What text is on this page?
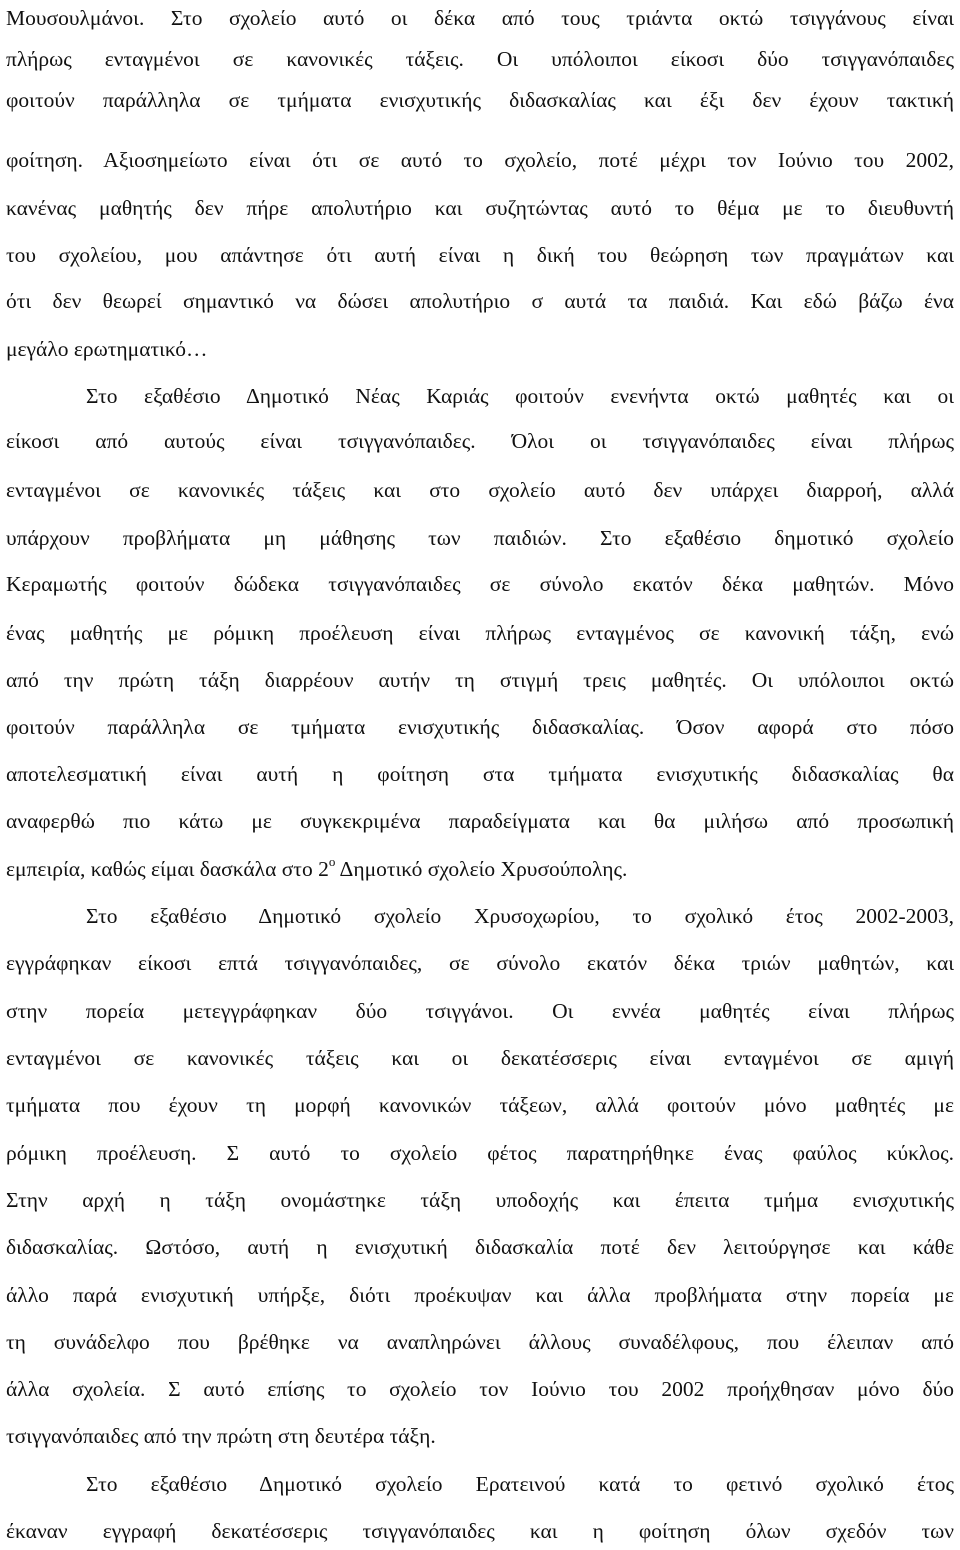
Μουσουλμάνοι. Στο σχολείο αυτό οι δέκα από τους τριάντα οκτώ τσιγγάνους είναι
πλήρως ενταγμένοι σε κανονικές τάξεις. Οι υπόλοιποι είκοσι δύο τσιγγανόπαιδες
φοιτούν παράλληλα σε τμήματα ενισχυτικής διδασκαλίας και έξι δεν έχουν τακτική
φοίτηση. Αξιοσημείωτο είναι ότι σε αυτό το σχολείο, ποτέ μέχρι τον Ιούνιο του 2002,
κανένας μαθητής δεν πήρε απολυτήριο και συζητώντας αυτό το θέμα με το διευθυντή
του σχολείου, μου απάντησε ότι αυτή είναι η δική του θεώρηση των πραγμάτων και
ότι δεν θεωρεί σημαντικό να δώσει απολυτήριο σ αυτά τα παιδιά. Και εδώ βάζω ένα
μεγάλο ερωτηματικό…
Στο εξαθέσιο Δημοτικό Νέας Καριάς φοιτούν ενενήντα οκτώ μαθητές και οι
είκοσι από αυτούς είναι τσιγγανόπαιδες. Όλοι οι τσιγγανόπαιδες είναι πλήρως
ενταγμένοι σε κανονικές τάξεις και στο σχολείο αυτό δεν υπάρχει διαρροή, αλλά
υπάρχουν προβλήματα μη μάθησης των παιδιών. Στο εξαθέσιο δημοτικό σχολείο
Κεραμωτής φοιτούν δώδεκα τσιγγανόπαιδες σε σύνολο εκατόν δέκα μαθητών. Μόνο
ένας μαθητής με ρόμικη προέλευση είναι πλήρως ενταγμένος σε κανονική τάξη, ενώ
από την πρώτη τάξη διαρρέουν αυτήν τη στιγμή τρεις μαθητές. Οι υπόλοιποι οκτώ
φοιτούν παράλληλα σε τμήματα ενισχυτικής διδασκαλίας. Όσον αφορά στο πόσο
αποτελεσματική είναι αυτή η φοίτηση στα τμήματα ενισχυτικής διδασκαλίας θα
αναφερθώ πιο κάτω με συγκεκριμένα παραδείγματα και θα μιλήσω από προσωπική
εμπειρία, καθώς είμαι δασκάλα στο $2^o$ Δημοτικό σχολείο Χρυσούπολης.
Στο εξαθέσιο Δημοτικό σχολείο Χρυσοχωρίου, το σχολικό έτος 2002-2003,
εγγράφηκαν είκοσι επτά τσιγγανόπαιδες, σε σύνολο εκατόν δέκα τριών μαθητών, και
στην πορεία μετεγγράφηκαν δύο τσιγγάνοι. Οι εννέα μαθητές είναι πλήρως
ενταγμένοι σε κανονικές τάξεις και οι δεκατέσσερις είναι ενταγμένοι σε αμιγή
τμήματα που έχουν τη μορφή κανονικών τάξεων, αλλά φοιτούν μόνο μαθητές με
ρόμικη προέλευση. Σ αυτό το σχολείο φέτος παρατηρήθηκε ένας φαύλος κύκλος.
Στην αρχή η τάξη ονομάστηκε τάξη υποδοχής και έπειτα τμήμα ενισχυτικής
διδασκαλίας. Ωστόσο, αυτή η ενισχυτική διδασκαλία ποτέ δεν λειτούργησε και κάθε
άλλο παρά ενισχυτική υπήρξε, διότι προέκυψαν και άλλα προβλήματα στην πορεία με
τη συνάδελφο που βρέθηκε να αναπληρώνει άλλους συναδέλφους, που έλειπαν από
άλλα σχολεία. Σ αυτό επίσης το σχολείο τον Ιούνιο του 2002 προήχθησαν μόνο δύο
τσιγγανόπαιδες από την πρώτη στη δευτέρα τάξη.
Στο εξαθέσιο Δημοτικό σχολείο Ερατεινού κατά το φετινό σχολικό έτος
έκαναν εγγραφή δεκατέσσερις τσιγγανόπαιδες και η φοίτηση όλων σχεδόν των
